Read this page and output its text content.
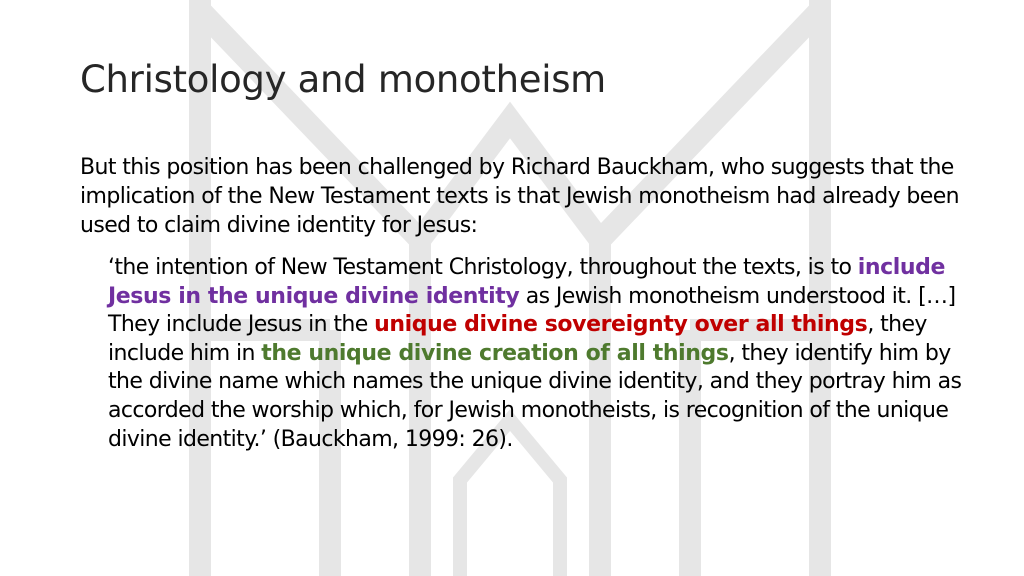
Christology and monotheism

But this position has been challenged by Richard Bauckham, who suggests that the implication of the New Testament texts is that Jewish monotheism had already been used to claim divine identity for Jesus:

‘the intention of New Testament Christology, throughout the texts, is to include Jesus in the unique divine identity as Jewish monotheism understood it. […] They include Jesus in the unique divine sovereignty over all things, they include him in the unique divine creation of all things, they identify him by the divine name which names the unique divine identity, and they portray him as accorded the worship which, for Jewish monotheists, is recognition of the unique divine identity.’ (Bauckham, 1999: 26).
